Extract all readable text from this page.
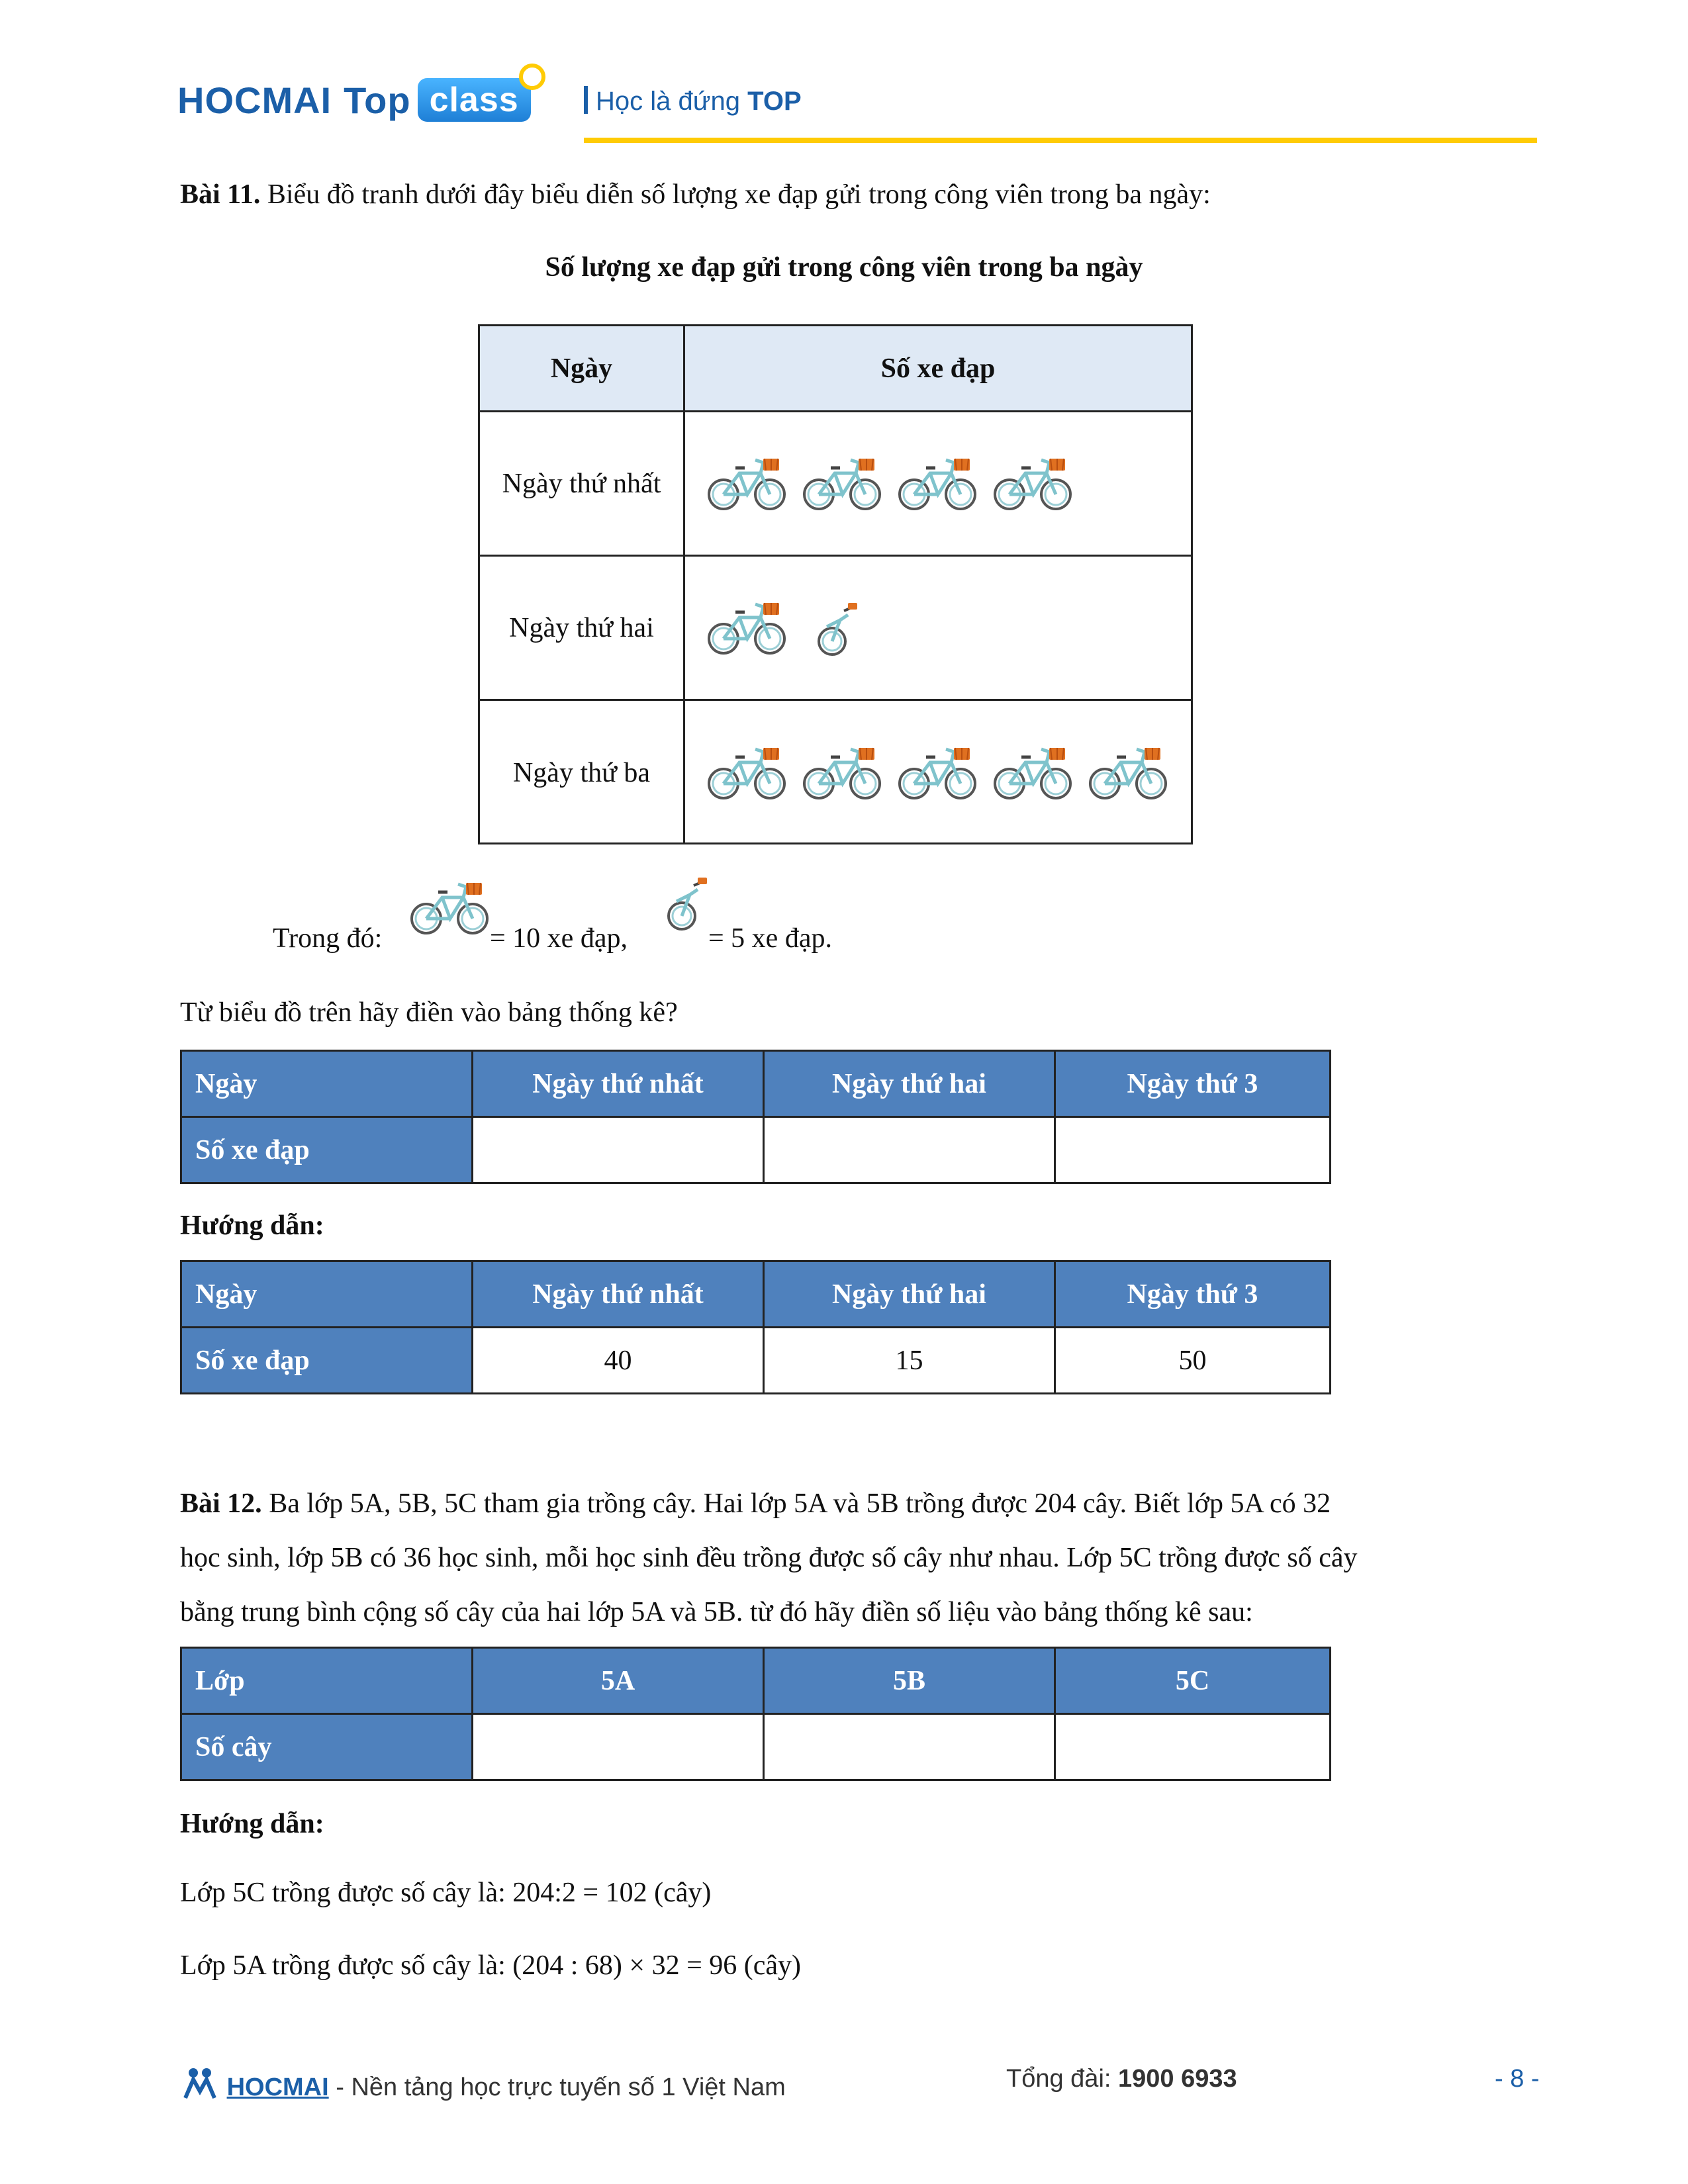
HOCMAI Top class	Học là đứng TOP
Bài 11. Biểu đồ tranh dưới đây biểu diễn số lượng xe đạp gửi trong công viên trong ba ngày:
Số lượng xe đạp gửi trong công viên trong ba ngày
Ngày	Số xe đạp
Ngày thứ nhất
Ngày thứ hai
Ngày thứ ba
Trong đó:	= 10 xe đạp,	= 5 xe đạp.
Từ biểu đồ trên hãy điền vào bảng thống kê?
Ngày	Ngày thứ nhất	Ngày thứ hai	Ngày thứ 3
Số xe đạp			
Hướng dẫn:
Ngày	Ngày thứ nhất	Ngày thứ hai	Ngày thứ 3
Số xe đạp	40	15	50
Bài 12. Ba lớp 5A, 5B, 5C tham gia trồng cây. Hai lớp 5A và 5B trồng được 204 cây. Biết lớp 5A có 32
học sinh, lớp 5B có 36 học sinh, mỗi học sinh đều trồng được số cây như nhau. Lớp 5C trồng được số cây
bằng trung bình cộng số cây của hai lớp 5A và 5B. từ đó hãy điền số liệu vào bảng thống kê sau:
Lớp	5A	5B	5C
Số cây			
Hướng dẫn:
Lớp 5C trồng được số cây là: 204:2 = 102 (cây)
Lớp 5A trồng được số cây là: (204 : 68) × 32 = 96 (cây)
HOCMAI - Nền tảng học trực tuyến số 1 Việt Nam	Tổng đài: 1900 6933	- 8 -
